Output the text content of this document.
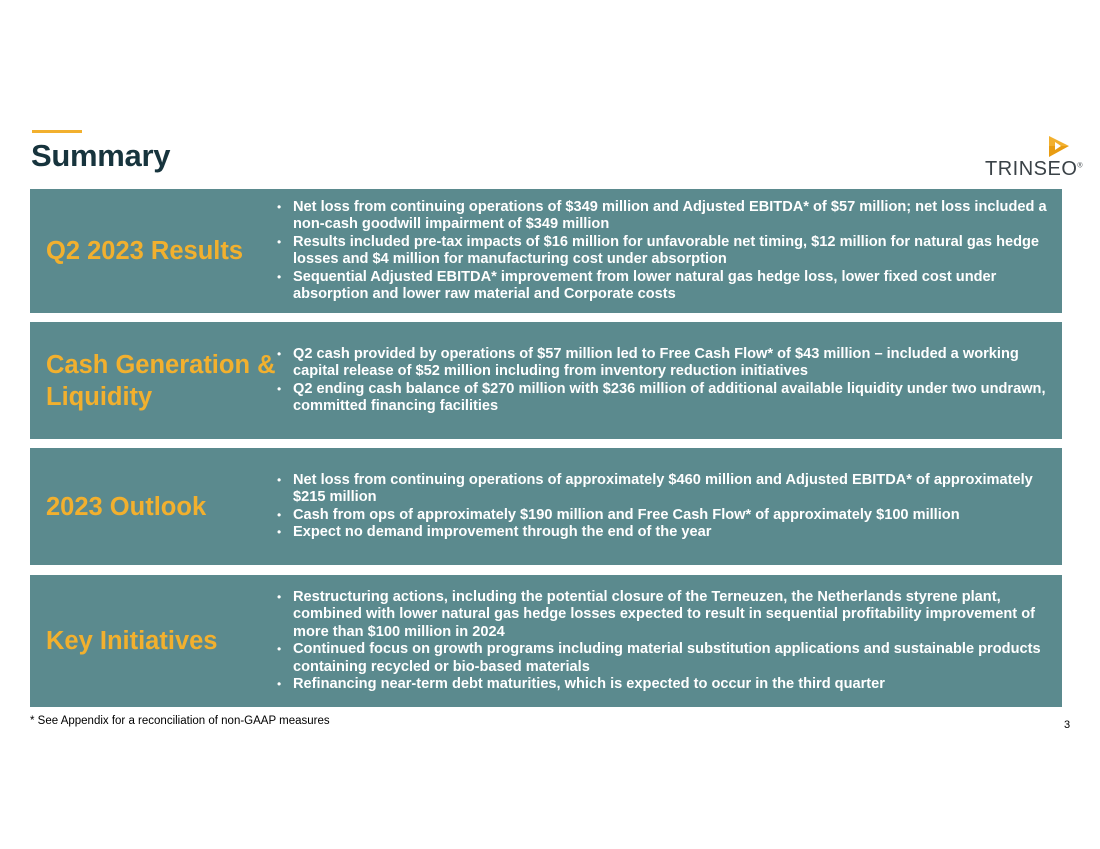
Summary	TRINSEO®
Q2 2023 Results
• Net loss from continuing operations of $349 million and Adjusted EBITDA* of $57 million; net loss included a non-cash goodwill impairment of $349 million
• Results included pre-tax impacts of $16 million for unfavorable net timing, $12 million for natural gas hedge losses and $4 million for manufacturing cost under absorption
• Sequential Adjusted EBITDA* improvement from lower natural gas hedge loss, lower fixed cost under absorption and lower raw material and Corporate costs
Cash Generation & Liquidity
• Q2 cash provided by operations of $57 million led to Free Cash Flow* of $43 million – included a working capital release of $52 million including from inventory reduction initiatives
• Q2 ending cash balance of $270 million with $236 million of additional available liquidity under two undrawn, committed financing facilities
2023 Outlook
• Net loss from continuing operations of approximately $460 million and Adjusted EBITDA* of approximately $215 million
• Cash from ops of approximately $190 million and Free Cash Flow* of approximately $100 million
• Expect no demand improvement through the end of the year
Key Initiatives
• Restructuring actions, including the potential closure of the Terneuzen, the Netherlands styrene plant, combined with lower natural gas hedge losses expected to result in sequential profitability improvement of more than $100 million in 2024
• Continued focus on growth programs including material substitution applications and sustainable products containing recycled or bio-based materials
• Refinancing near-term debt maturities, which is expected to occur in the third quarter
* See Appendix for a reconciliation of non-GAAP measures	3
